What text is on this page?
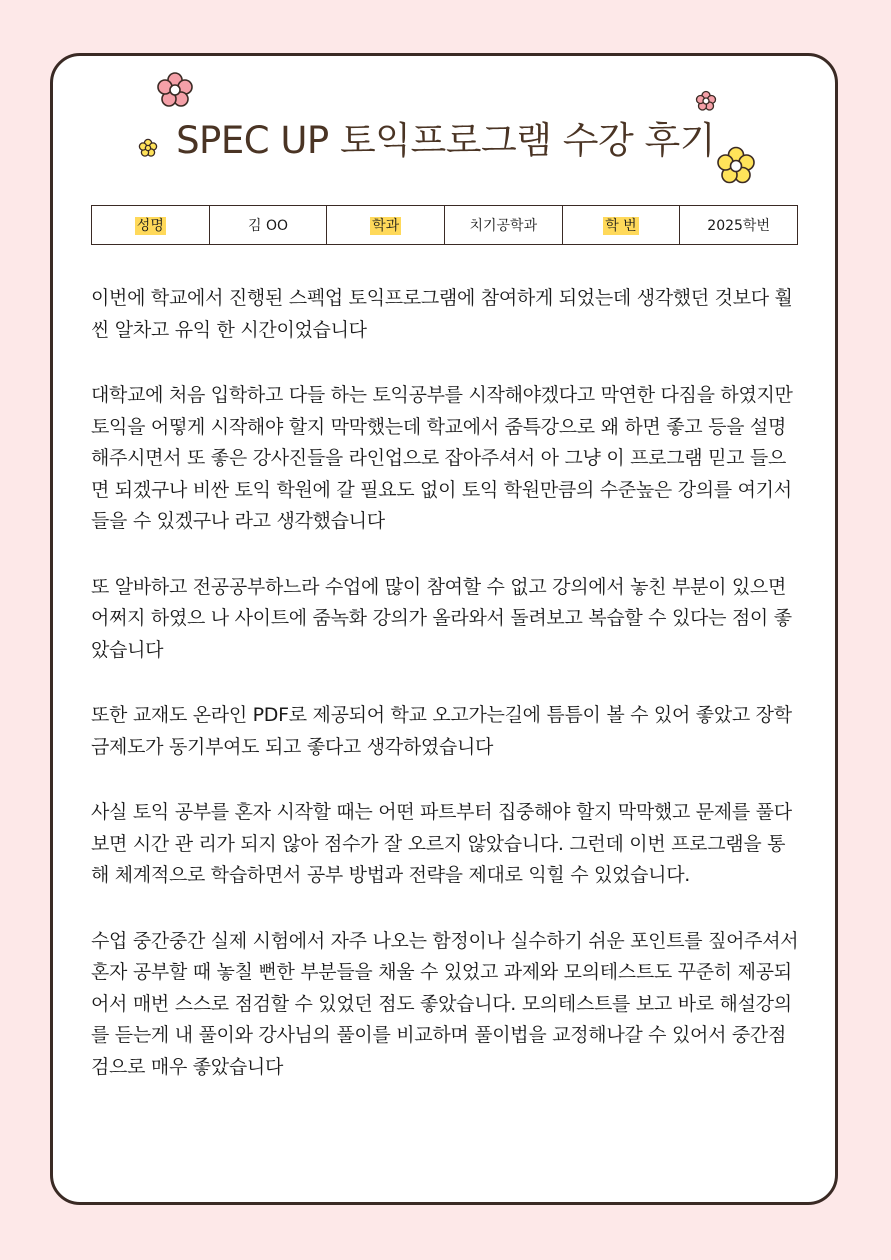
SPEC UP 토익프로그램 수강 후기
성명	김 OO	학과	치기공학과	학 번	2025학번

이번에 학교에서 진행된 스펙업 토익프로그램에 참여하게 되었는데 생각했던 것보다 훨씬 알차고 유익 한 시간이었습니다

대학교에 처음 입학하고 다들 하는 토익공부를 시작해야겠다고 막연한 다짐을 하였지만 토익을 어떻게 시작해야 할지 막막했는데 학교에서 줌특강으로 왜 하면 좋고 등을 설명해주시면서 또 좋은 강사진들을 라인업으로 잡아주셔서 아 그냥 이 프로그램 믿고 들으면 되겠구나 비싼 토익 학원에 갈 필요도 없이 토익 학원만큼의 수준높은 강의를 여기서 들을 수 있겠구나 라고 생각했습니다

또 알바하고 전공공부하느라 수업에 많이 참여할 수 없고 강의에서 놓친 부분이 있으면 어쩌지 하였으 나 사이트에 줌녹화 강의가 올라와서 돌려보고 복습할 수 있다는 점이 좋았습니다

또한 교재도 온라인 PDF로 제공되어 학교 오고가는길에 틈틈이 볼 수 있어 좋았고 장학금제도가 동기부여도 되고 좋다고 생각하였습니다

사실 토익 공부를 혼자 시작할 때는 어떤 파트부터 집중해야 할지 막막했고 문제를 풀다 보면 시간 관 리가 되지 않아 점수가 잘 오르지 않았습니다. 그런데 이번 프로그램을 통해 체계적으로 학습하면서 공부 방법과 전략을 제대로 익힐 수 있었습니다.

수업 중간중간 실제 시험에서 자주 나오는 함정이나 실수하기 쉬운 포인트를 짚어주셔서 혼자 공부할 때 놓칠 뻔한 부분들을 채울 수 있었고 과제와 모의테스트도 꾸준히 제공되어서 매번 스스로 점검할 수 있었던 점도 좋았습니다. 모의테스트를 보고 바로 해설강의를 듣는게 내 풀이와 강사님의 풀이를 비교하며 풀이법을 교정해나갈 수 있어서 중간점검으로 매우 좋았습니다
